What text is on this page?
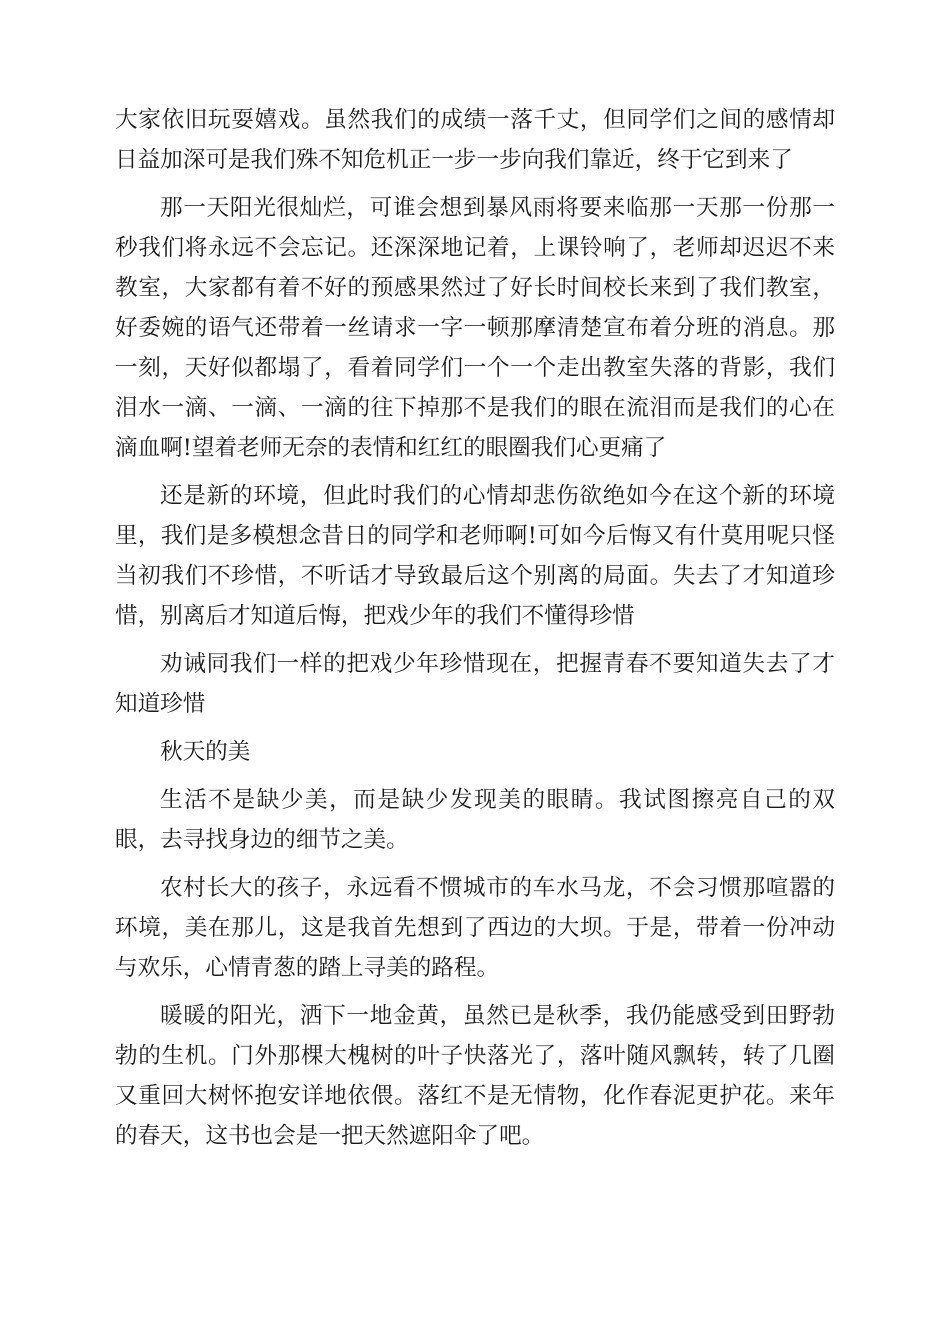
大家依旧玩耍嬉戏。虽然我们的成绩一落千丈，但同学们之间的感情却日益加深可是我们殊不知危机正一步一步向我们靠近，终于它到来了

那一天阳光很灿烂，可谁会想到暴风雨将要来临那一天那一份那一秒我们将永远不会忘记。还深深地记着，上课铃响了，老师却迟迟不来教室，大家都有着不好的预感果然过了好长时间校长来到了我们教室，好委婉的语气还带着一丝请求一字一顿那摩清楚宣布着分班的消息。那一刻，天好似都塌了，看着同学们一个一个走出教室失落的背影，我们泪水一滴、一滴、一滴的往下掉那不是我们的眼在流泪而是我们的心在滴血啊!望着老师无奈的表情和红红的眼圈我们心更痛了

还是新的环境，但此时我们的心情却悲伤欲绝如今在这个新的环境里，我们是多模想念昔日的同学和老师啊!可如今后悔又有什莫用呢只怪当初我们不珍惜，不听话才导致最后这个别离的局面。失去了才知道珍惜，别离后才知道后悔，把戏少年的我们不懂得珍惜

劝诫同我们一样的把戏少年珍惜现在，把握青春不要知道失去了才知道珍惜

秋天的美

生活不是缺少美，而是缺少发现美的眼睛。我试图擦亮自己的双眼，去寻找身边的细节之美。

农村长大的孩子，永远看不惯城市的车水马龙，不会习惯那喧嚣的环境，美在那儿，这是我首先想到了西边的大坝。于是，带着一份冲动与欢乐，心情青葱的踏上寻美的路程。

暖暖的阳光，洒下一地金黄，虽然已是秋季，我仍能感受到田野勃勃的生机。门外那棵大槐树的叶子快落光了，落叶随风飘转，转了几圈又重回大树怀抱安详地依偎。落红不是无情物，化作春泥更护花。来年的春天，这书也会是一把天然遮阳伞了吧。
